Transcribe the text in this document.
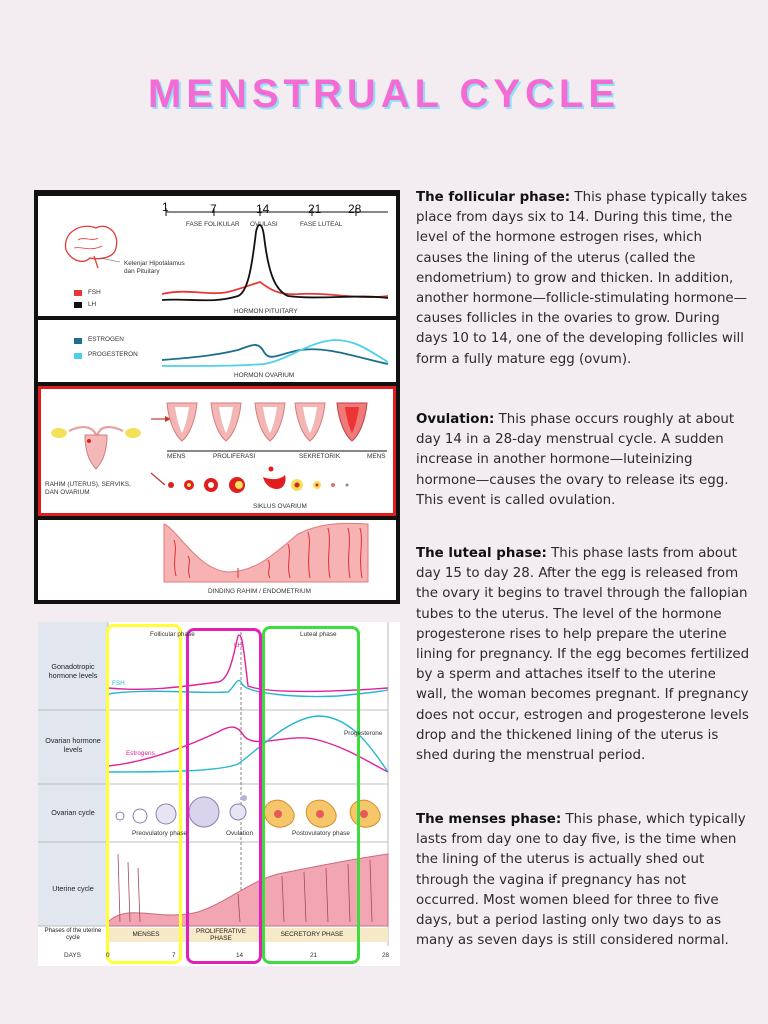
MENSTRUAL CYCLE
1	7	14	21 28
FASE FOLIKULAR OVULASI	FASE LUTEAL
Kelenjar Hipotalamus dan Pituitary
FSH
LH
HORMON PITUITARY
ESTROGEN
PROGESTERON
HORMON OVARIUM
MENS	PROLIFERASI	SEKRETORIK	MENS
RAHIM (UTERUS), SERVIKS, DAN OVARIUM
SIKLUS OVARIUM
DINDING RAHIM / ENDOMETRIUM
Follicular phase	Luteal phase
Gonadotropic hormone levels
Ovarian hormone levels
Ovarian cycle
Uterine cycle
Phases of the uterine cycle
LH
FSH
Estrogens
Progesterone
Preovulatory phase	Ovulation	Postovulatory phase
MENSES	PROLIFERATIVE PHASE
SECRETORY PHASE
DAYS	0	7	14	21	28
The follicular phase: This phase typically takes place from days six to 14. During this time, the level of the hormone estrogen rises, which causes the lining of the uterus (called the endometrium) to grow and thicken. In addition, another hormone—follicle-stimulating hormone—causes follicles in the ovaries to grow. During days 10 to 14, one of the developing follicles will form a fully mature egg (ovum).
Ovulation: This phase occurs roughly at about day 14 in a 28-day menstrual cycle. A sudden increase in another hormone—luteinizing hormone—causes the ovary to release its egg. This event is called ovulation.
The luteal phase: This phase lasts from about day 15 to day 28. After the egg is released from the ovary it begins to travel through the fallopian tubes to the uterus. The level of the hormone progesterone rises to help prepare the uterine lining for pregnancy. If the egg becomes fertilized by a sperm and attaches itself to the uterine wall, the woman becomes pregnant. If pregnancy does not occur, estrogen and progesterone levels drop and the thickened lining of the uterus is shed during the menstrual period.
The menses phase: This phase, which typically lasts from day one to day five, is the time when the lining of the uterus is actually shed out through the vagina if pregnancy has not occurred. Most women bleed for three to five days, but a period lasting only two days to as many as seven days is still considered normal.
